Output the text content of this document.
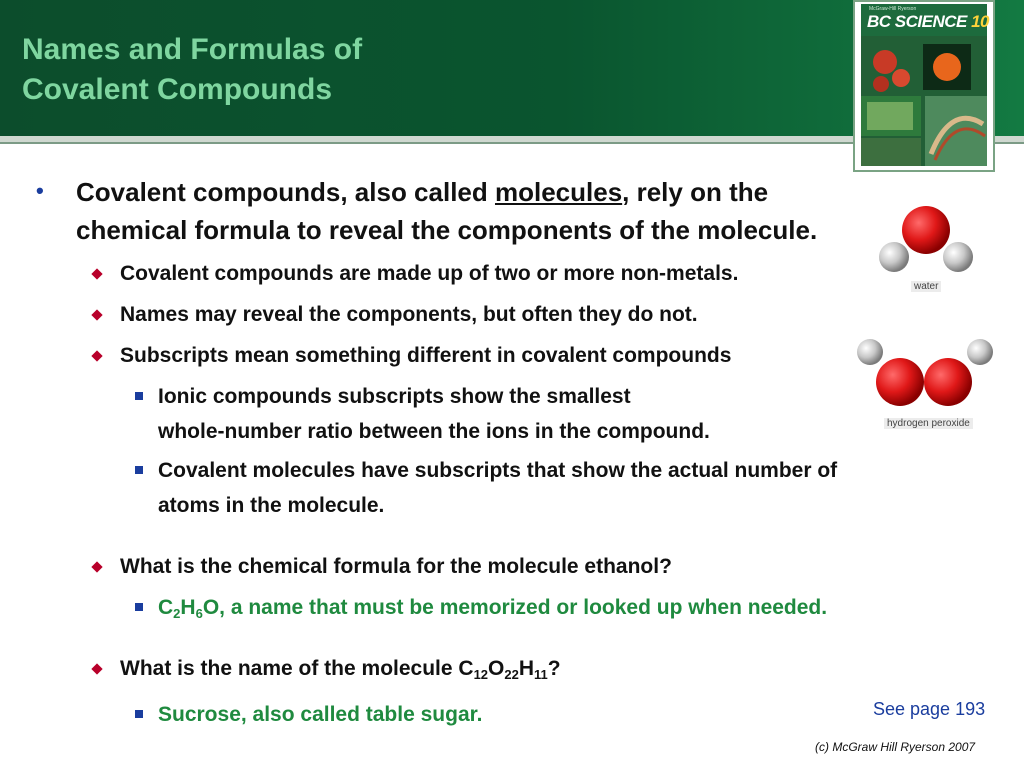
Names and Formulas of
Covalent Compounds
McGraw-Hill Ryerson
BC SCIENCE 10
• Covalent compounds, also called molecules, rely on the
chemical formula to reveal the components of the molecule.
Covalent compounds are made up of two or more non-metals.
Names may reveal the components, but often they do not.
Subscripts mean something different in covalent compounds
Ionic compounds subscripts show the smallest
whole-number ratio between the ions in the compound.
Covalent molecules have subscripts that show the actual number of
atoms in the molecule.
What is the chemical formula for the molecule ethanol?
$C_2H_6O$, a name that must be memorized or looked up when needed.
What is the name of the molecule $C_{12}O_{22}H_{11}$?
Sucrose, also called table sugar.
water
hydrogen peroxide
See page 193
(c) McGraw Hill Ryerson 2007
